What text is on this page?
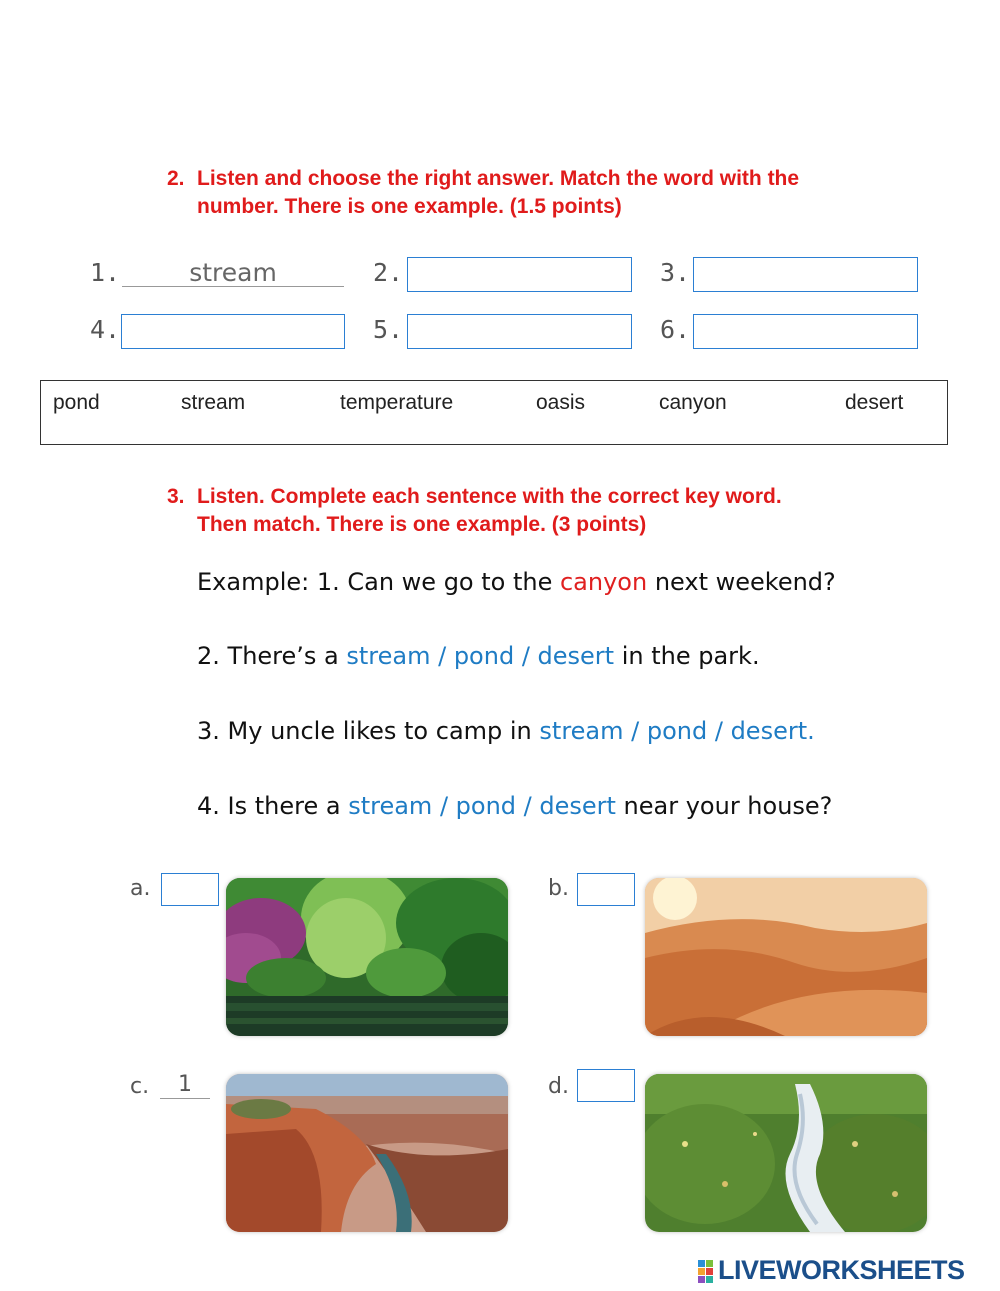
2. Listen and choose the right answer. Match the word with the
number. There is one example. (1.5 points)
1.	stream	2.	3.
4.	5.	6.
pond	stream	temperature	oasis	canyon	desert
3. Listen. Complete each sentence with the correct key word.
Then match. There is one example. (3 points)
Example: 1. Can we go to the canyon next weekend?
2. There’s a stream / pond / desert in the park.
3. My uncle likes to camp in stream / pond / desert.
4. Is there a stream / pond / desert near your house?
a.	b.
c.	1	d.
LIVEWORKSHEETS
